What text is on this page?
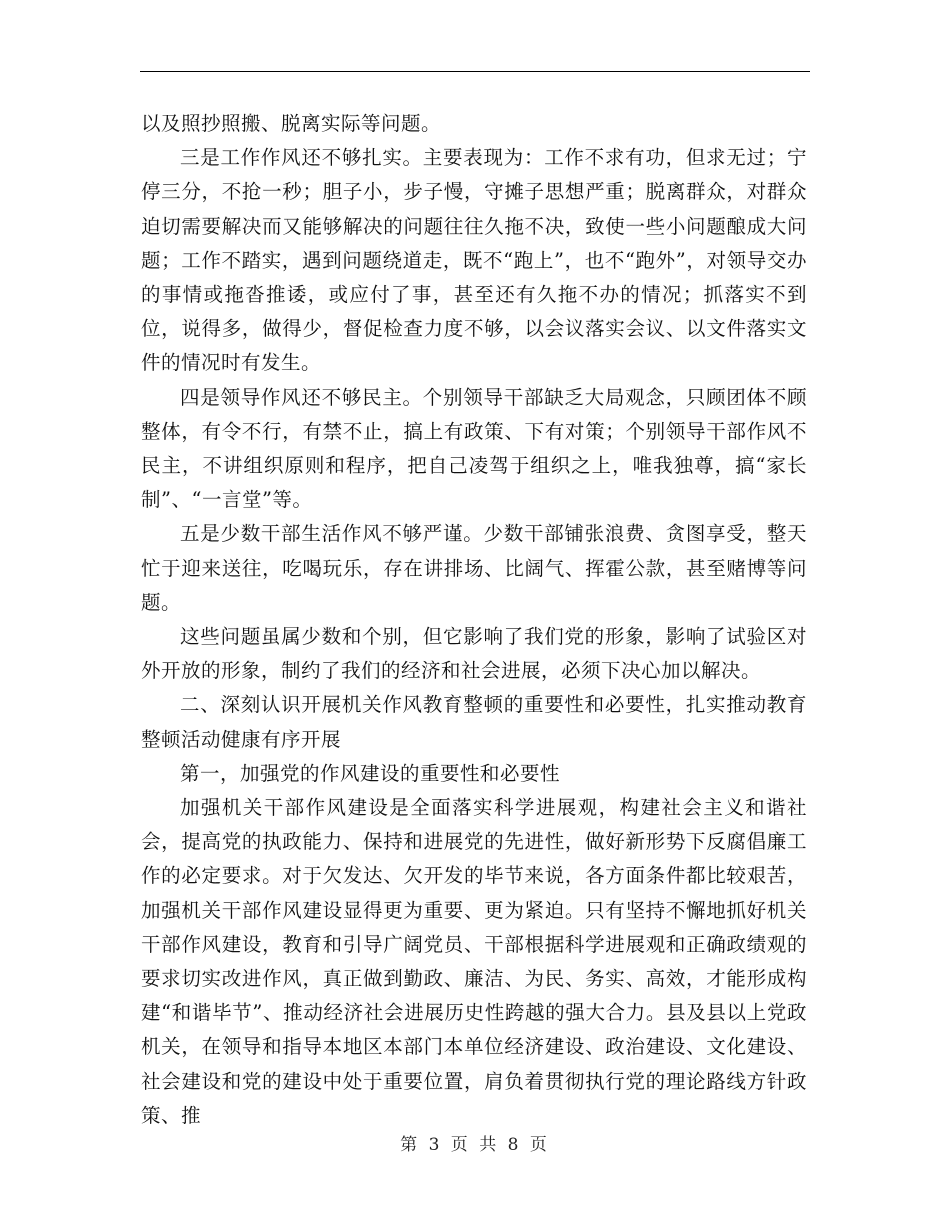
以及照抄照搬、脱离实际等问题。

三是工作作风还不够扎实。主要表现为：工作不求有功，但求无过；宁停三分，不抢一秒；胆子小，步子慢，守摊子思想严重；脱离群众，对群众迫切需要解决而又能够解决的问题往往久拖不决，致使一些小问题酿成大问题；工作不踏实，遇到问题绕道走，既不“跑上”，也不“跑外”，对领导交办的事情或拖沓推诿，或应付了事，甚至还有久拖不办的情况；抓落实不到位，说得多，做得少，督促检查力度不够，以会议落实会议、以文件落实文件的情况时有发生。

四是领导作风还不够民主。个别领导干部缺乏大局观念，只顾团体不顾整体，有令不行，有禁不止，搞上有政策、下有对策；个别领导干部作风不民主，不讲组织原则和程序，把自己凌驾于组织之上，唯我独尊，搞“家长制”、“一言堂”等。

五是少数干部生活作风不够严谨。少数干部铺张浪费、贪图享受，整天忙于迎来送往，吃喝玩乐，存在讲排场、比阔气、挥霍公款，甚至赌博等问题。

这些问题虽属少数和个别，但它影响了我们党的形象，影响了试验区对外开放的形象，制约了我们的经济和社会进展，必须下决心加以解决。

二、深刻认识开展机关作风教育整顿的重要性和必要性，扎实推动教育整顿活动健康有序开展

第一，加强党的作风建设的重要性和必要性

加强机关干部作风建设是全面落实科学进展观，构建社会主义和谐社会，提高党的执政能力、保持和进展党的先进性，做好新形势下反腐倡廉工作的必定要求。对于欠发达、欠开发的毕节来说，各方面条件都比较艰苦，加强机关干部作风建设显得更为重要、更为紧迫。只有坚持不懈地抓好机关干部作风建设，教育和引导广阔党员、干部根据科学进展观和正确政绩观的要求切实改进作风，真正做到勤政、廉洁、为民、务实、高效，才能形成构建“和谐毕节”、推动经济社会进展历史性跨越的强大合力。县及县以上党政机关，在领导和指导本地区本部门本单位经济建设、政治建设、文化建设、社会建设和党的建设中处于重要位置，肩负着贯彻执行党的理论路线方针政策、推

第 3 页 共 8 页
